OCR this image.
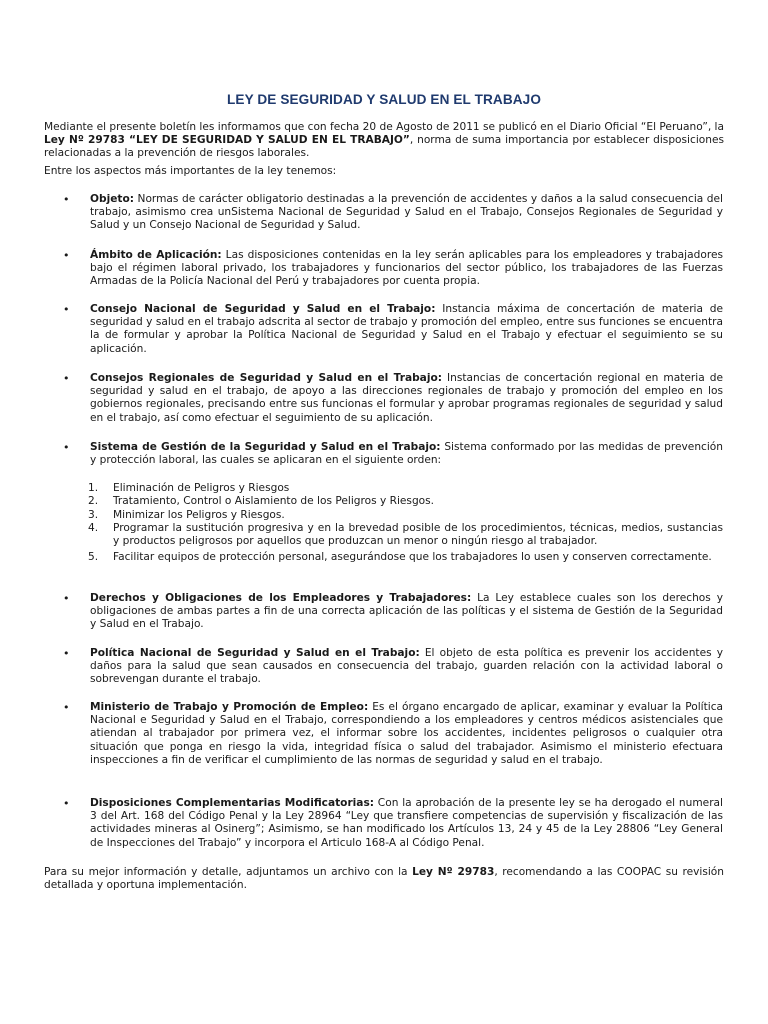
LEY DE SEGURIDAD Y SALUD EN EL TRABAJO

Mediante el presente boletín les informamos que con fecha 20 de Agosto de 2011 se publicó en el Diario Oficial “El Peruano”, la Ley Nº 29783 “LEY DE SEGURIDAD Y SALUD EN EL TRABAJO”, norma de suma importancia por establecer disposiciones relacionadas a la prevención de riesgos laborales.

Entre los aspectos más importantes de la ley tenemos:
• Objeto: Normas de carácter obligatorio destinadas a la prevención de accidentes y daños a la salud consecuencia del trabajo, asimismo crea unSistema Nacional de Seguridad y Salud en el Trabajo, Consejos Regionales de Seguridad y Salud y un Consejo Nacional de Seguridad y Salud.
• Ámbito de Aplicación: Las disposiciones contenidas en la ley serán aplicables para los empleadores y trabajadores bajo el régimen laboral privado, los trabajadores y funcionarios del sector público, los trabajadores de las Fuerzas Armadas de la Policía Nacional del Perú y trabajadores por cuenta propia.
• Consejo Nacional de Seguridad y Salud en el Trabajo: Instancia máxima de concertación de materia de seguridad y salud en el trabajo adscrita al sector de trabajo y promoción del empleo, entre sus funciones se encuentra la de formular y aprobar la Política Nacional de Seguridad y Salud en el Trabajo y efectuar el seguimiento se su aplicación.
• Consejos Regionales de Seguridad y Salud en el Trabajo: Instancias de concertación regional en materia de seguridad y salud en el trabajo, de apoyo a las direcciones regionales de trabajo y promoción del empleo en los gobiernos regionales, precisando entre sus funcionas el formular y aprobar programas regionales de seguridad y salud en el trabajo, así como efectuar el seguimiento de su aplicación.
• Sistema de Gestión de la Seguridad y Salud en el Trabajo: Sistema conformado por las medidas de prevención y protección laboral, las cuales se aplicaran en el siguiente orden:
1.	Eliminación de Peligros y Riesgos
2.	Tratamiento, Control o Aislamiento de los Peligros y Riesgos.
3.	Minimizar los Peligros y Riesgos.
4.	Programar la sustitución progresiva y en la brevedad posible de los procedimientos, técnicas, medios, sustancias y productos peligrosos por aquellos que produzcan un menor o ningún riesgo al trabajador.
5.	Facilitar equipos de protección personal, asegurándose que los trabajadores lo usen y conserven correctamente.
• Derechos y Obligaciones de los Empleadores y Trabajadores: La Ley establece cuales son los derechos y obligaciones de ambas partes a fin de una correcta aplicación de las políticas y el sistema de Gestión de la Seguridad y Salud en el Trabajo.
• Política Nacional de Seguridad y Salud en el Trabajo: El objeto de esta política es prevenir los accidentes y daños para la salud que sean causados en consecuencia del trabajo, guarden relación con la actividad laboral o sobrevengan durante el trabajo.
• Ministerio de Trabajo y Promoción de Empleo: Es el órgano encargado de aplicar, examinar y evaluar la Política Nacional e Seguridad y Salud en el Trabajo, correspondiendo a los empleadores y centros médicos asistenciales que atiendan al trabajador por primera vez, el informar sobre los accidentes, incidentes peligrosos o cualquier otra situación que ponga en riesgo la vida, integridad física o salud del trabajador. Asimismo el ministerio efectuara inspecciones a fin de verificar el cumplimiento de las normas de seguridad y salud en el trabajo.
• Disposiciones Complementarias Modificatorias: Con la aprobación de la presente ley se ha derogado el numeral 3 del Art. 168 del Código Penal y la Ley 28964 “Ley que transfiere competencias de supervisión y fiscalización de las actividades mineras al Osinerg”; Asimismo, se han modificado los Artículos 13, 24 y 45 de la Ley 28806 “Ley General de Inspecciones del Trabajo” y incorpora el Articulo 168-A al Código Penal.

Para su mejor información y detalle, adjuntamos un archivo con la Ley Nº 29783, recomendando a las COOPAC su revisión detallada y oportuna implementación.
